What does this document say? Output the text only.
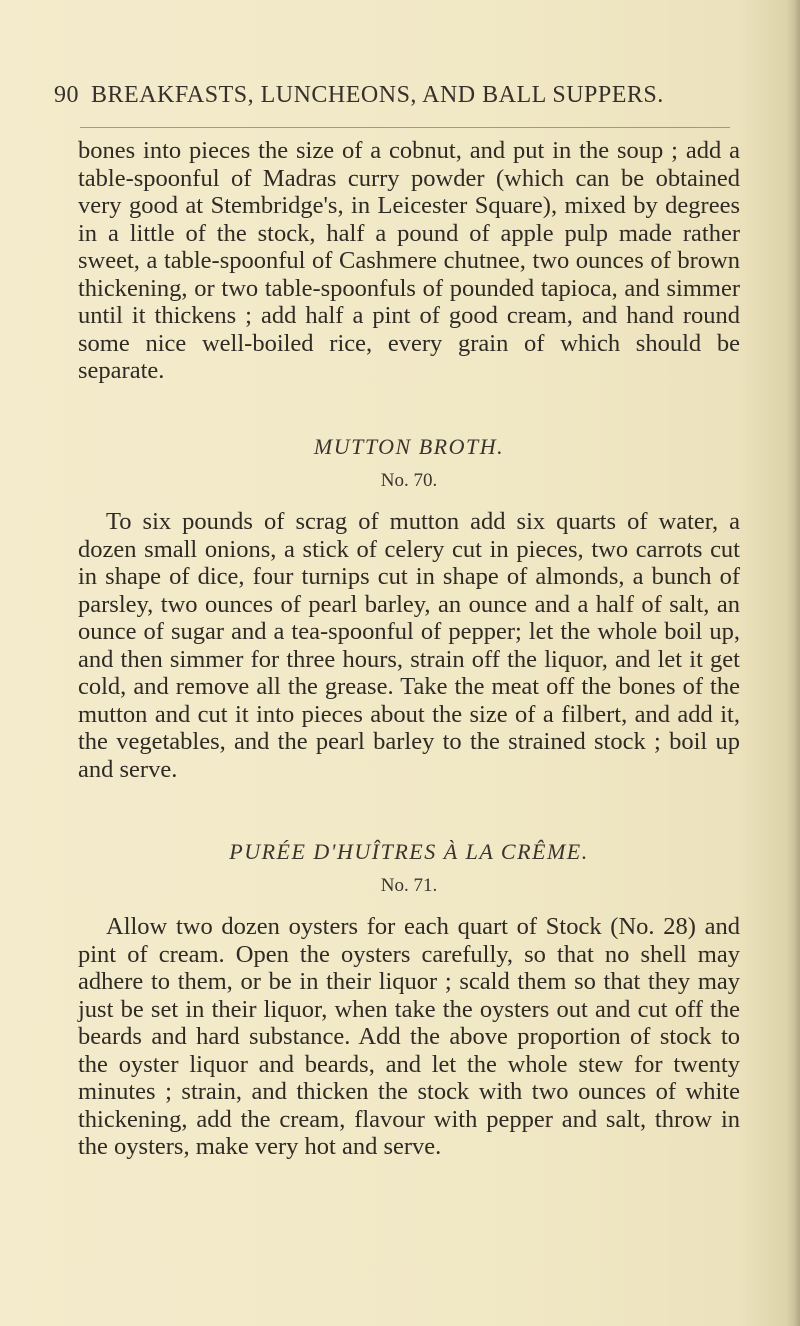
90 BREAKFASTS, LUNCHEONS, AND BALL SUPPERS.
bones into pieces the size of a cobnut, and put in the soup ; add a table-spoonful of Madras curry powder (which can be obtained very good at Stembridge's, in Leicester Square), mixed by degrees in a little of the stock, half a pound of apple pulp made rather sweet, a table-spoonful of Cashmere chutnee, two ounces of brown thickening, or two table-spoonfuls of pounded tapioca, and simmer until it thickens ; add half a pint of good cream, and hand round some nice well-boiled rice, every grain of which should be separate.
MUTTON BROTH.
No. 70.
To six pounds of scrag of mutton add six quarts of water, a dozen small onions, a stick of celery cut in pieces, two carrots cut in shape of dice, four turnips cut in shape of almonds, a bunch of parsley, two ounces of pearl barley, an ounce and a half of salt, an ounce of sugar and a tea-spoonful of pepper; let the whole boil up, and then simmer for three hours, strain off the liquor, and let it get cold, and remove all the grease. Take the meat off the bones of the mutton and cut it into pieces about the size of a filbert, and add it, the vegetables, and the pearl barley to the strained stock ; boil up and serve.
PURÉE D'HUÎTRES À LA CRÊME.
No. 71.
Allow two dozen oysters for each quart of Stock (No. 28) and pint of cream. Open the oysters carefully, so that no shell may adhere to them, or be in their liquor ; scald them so that they may just be set in their liquor, when take the oysters out and cut off the beards and hard substance. Add the above proportion of stock to the oyster liquor and beards, and let the whole stew for twenty minutes ; strain, and thicken the stock with two ounces of white thickening, add the cream, flavour with pepper and salt, throw in the oysters, make very hot and serve.
